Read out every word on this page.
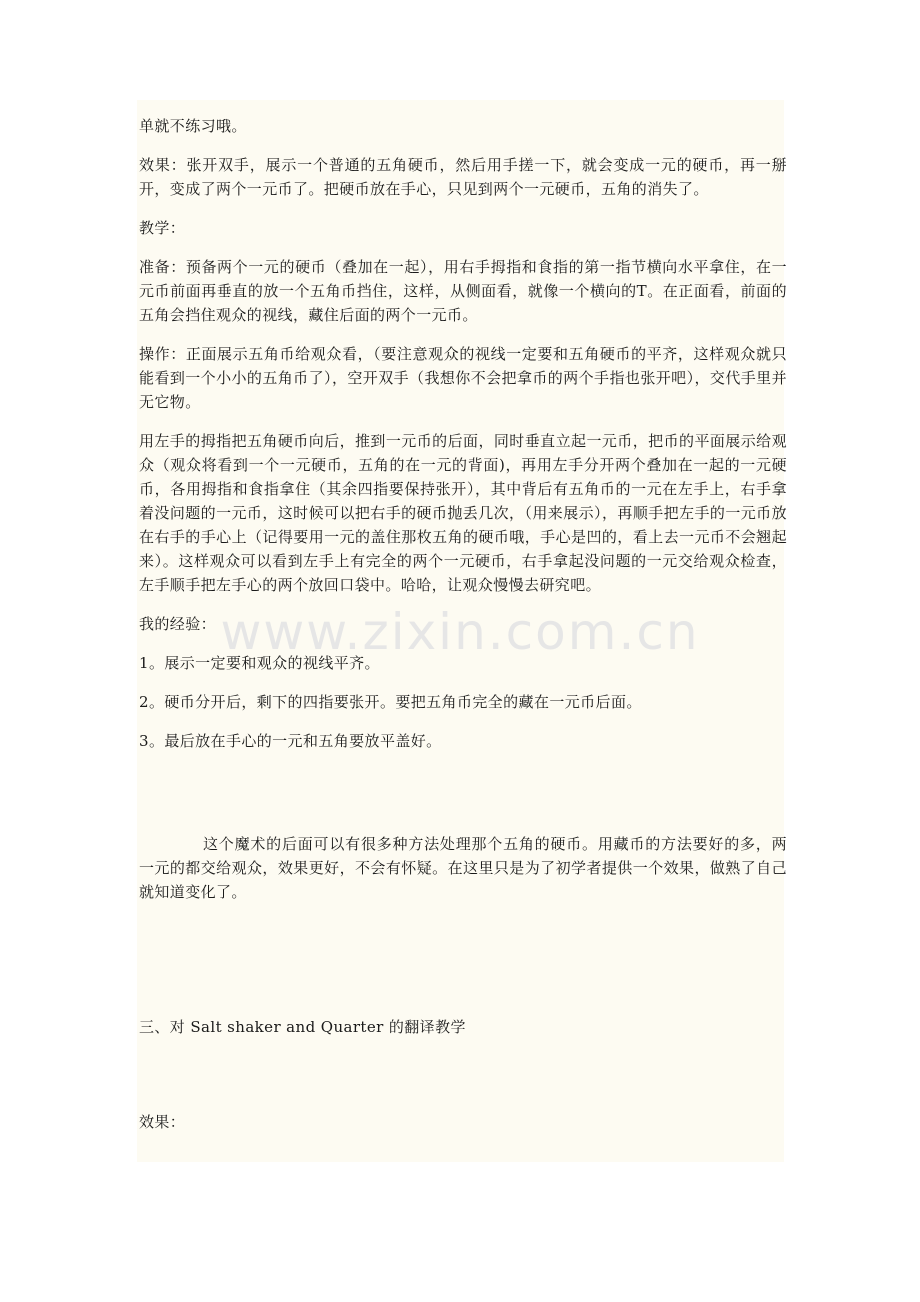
www.zixin.com.cn

单就不练习哦。

效果：张开双手，展示一个普通的五角硬币，然后用手搓一下，就会变成一元的硬币，再一掰开，变成了两个一元币了。把硬币放在手心，只见到两个一元硬币，五角的消失了。

教学：

准备：预备两个一元的硬币（叠加在一起），用右手拇指和食指的第一指节横向水平拿住，在一元币前面再垂直的放一个五角币挡住，这样，从侧面看，就像一个横向的T。在正面看，前面的五角会挡住观众的视线，藏住后面的两个一元币。

操作：正面展示五角币给观众看，（要注意观众的视线一定要和五角硬币的平齐，这样观众就只能看到一个小小的五角币了），空开双手（我想你不会把拿币的两个手指也张开吧），交代手里并无它物。

用左手的拇指把五角硬币向后，推到一元币的后面，同时垂直立起一元币，把币的平面展示给观众（观众将看到一个一元硬币，五角的在一元的背面)，再用左手分开两个叠加在一起的一元硬币，各用拇指和食指拿住（其余四指要保持张开），其中背后有五角币的一元在左手上，右手拿着没问题的一元币，这时候可以把右手的硬币抛丢几次，（用来展示），再顺手把左手的一元币放在右手的手心上（记得要用一元的盖住那枚五角的硬币哦，手心是凹的，看上去一元币不会翘起来）。这样观众可以看到左手上有完全的两个一元硬币，右手拿起没问题的一元交给观众检查，左手顺手把左手心的两个放回口袋中。哈哈，让观众慢慢去研究吧。

我的经验：

1。展示一定要和观众的视线平齐。

2。硬币分开后，剩下的四指要张开。要把五角币完全的藏在一元币后面。

3。最后放在手心的一元和五角要放平盖好。

这个魔术的后面可以有很多种方法处理那个五角的硬币。用藏币的方法要好的多，两一元的都交给观众，效果更好，不会有怀疑。在这里只是为了初学者提供一个效果，做熟了自己就知道变化了。

三、对 Salt shaker and Quarter 的翻译教学

效果：
